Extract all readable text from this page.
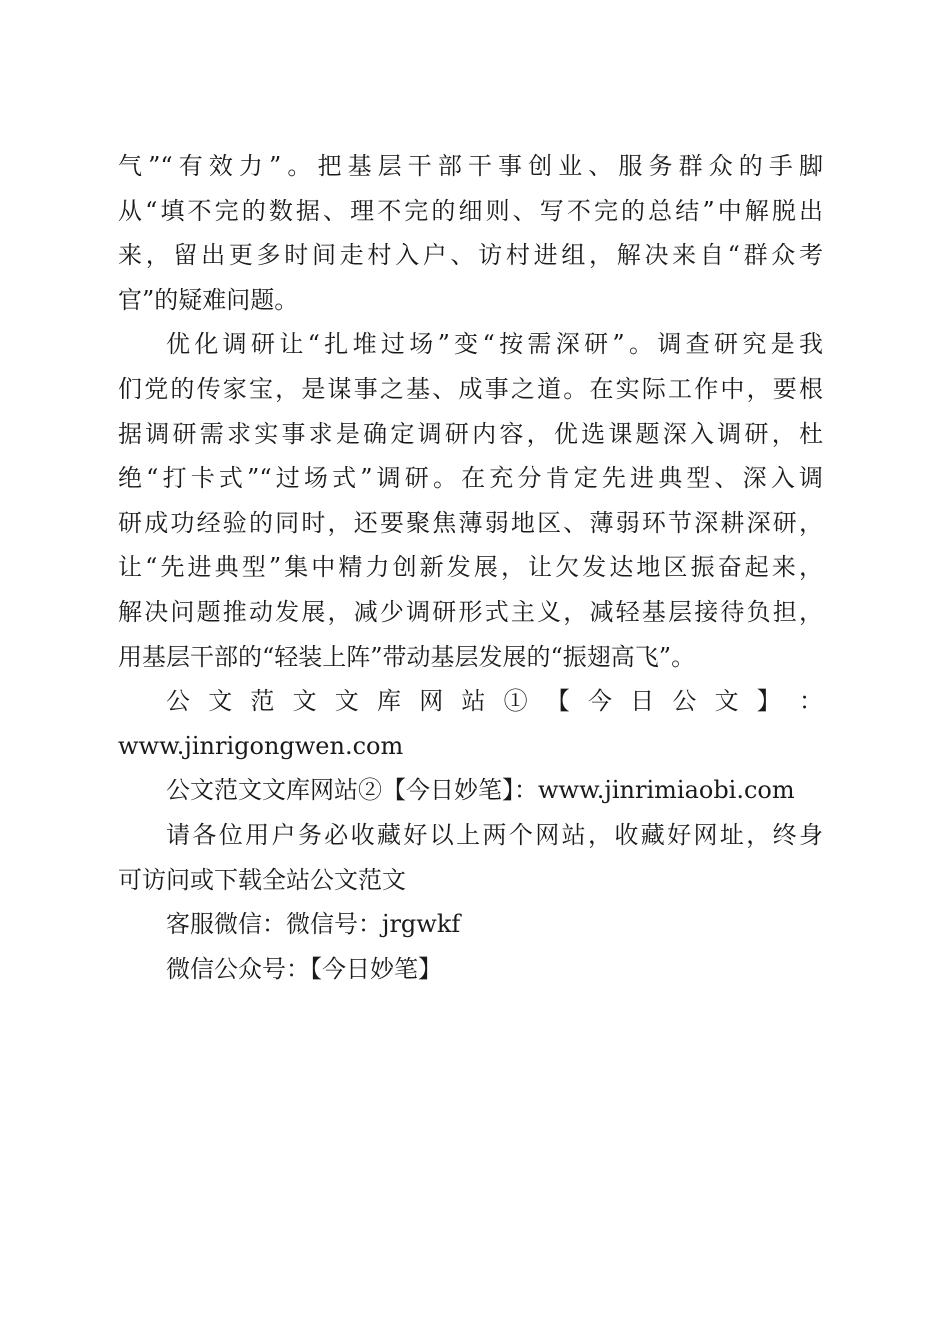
气”“有效力”。把基层干部干事创业、服务群众的手脚
从“填不完的数据、理不完的细则、写不完的总结”中解脱出
来，留出更多时间走村入户、访村进组，解决来自“群众考
官”的疑难问题。
优化调研让“扎堆过场”变“按需深研”。调查研究是我
们党的传家宝，是谋事之基、成事之道。在实际工作中，要根
据调研需求实事求是确定调研内容，优选课题深入调研，杜
绝“打卡式”“过场式”调研。在充分肯定先进典型、深入调
研成功经验的同时，还要聚焦薄弱地区、薄弱环节深耕深研，
让“先进典型”集中精力创新发展，让欠发达地区振奋起来，
解决问题推动发展，减少调研形式主义，减轻基层接待负担，
用基层干部的“轻装上阵”带动基层发展的“振翅高飞”。
公 文 范 文 文 库 网 站 ① 【 今 日 公 文 】 ：
www.jinrigongwen.com
公文范文文库网站②【今日妙笔】：www.jinrimiaobi.com
请各位用户务必收藏好以上两个网站，收藏好网址，终身
可访问或下载全站公文范文
客服微信：微信号：jrgwkf
微信公众号：【今日妙笔】
